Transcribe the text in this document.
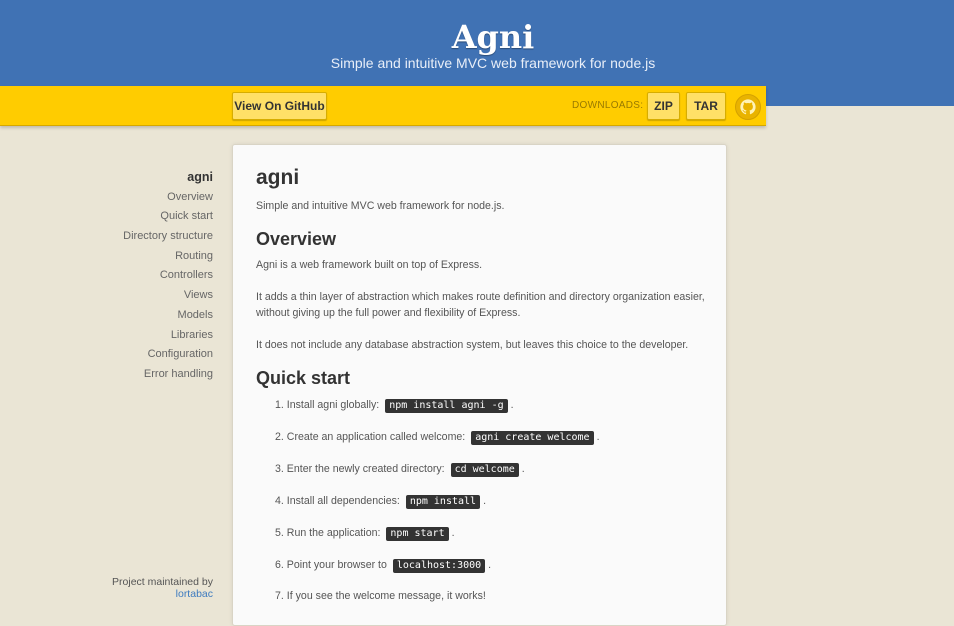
Agni
Simple and intuitive MVC web framework for node.js
View On GitHub	DOWNLOADS: ZIP	TAR
agni
Overview
Quick start
Directory structure
Routing
Controllers
Views
Models
Libraries
Configuration
Error handling
Project maintained by
lortabac
agni

Simple and intuitive MVC web framework for node.js.

Overview

Agni is a web framework built on top of Express.

It adds a thin layer of abstraction which makes route definition and directory organization easier, without giving up the full power and flexibility of Express.

It does not include any database abstraction system, but leaves this choice to the developer.

Quick start
1. Install agni globally: npm install agni -g .
2. Create an application called welcome: agni create welcome .
3. Enter the newly created directory: cd welcome .
4. Install all dependencies: npm install .
5. Run the application: npm start .
6. Point your browser to localhost:3000 .
7. If you see the welcome message, it works!
